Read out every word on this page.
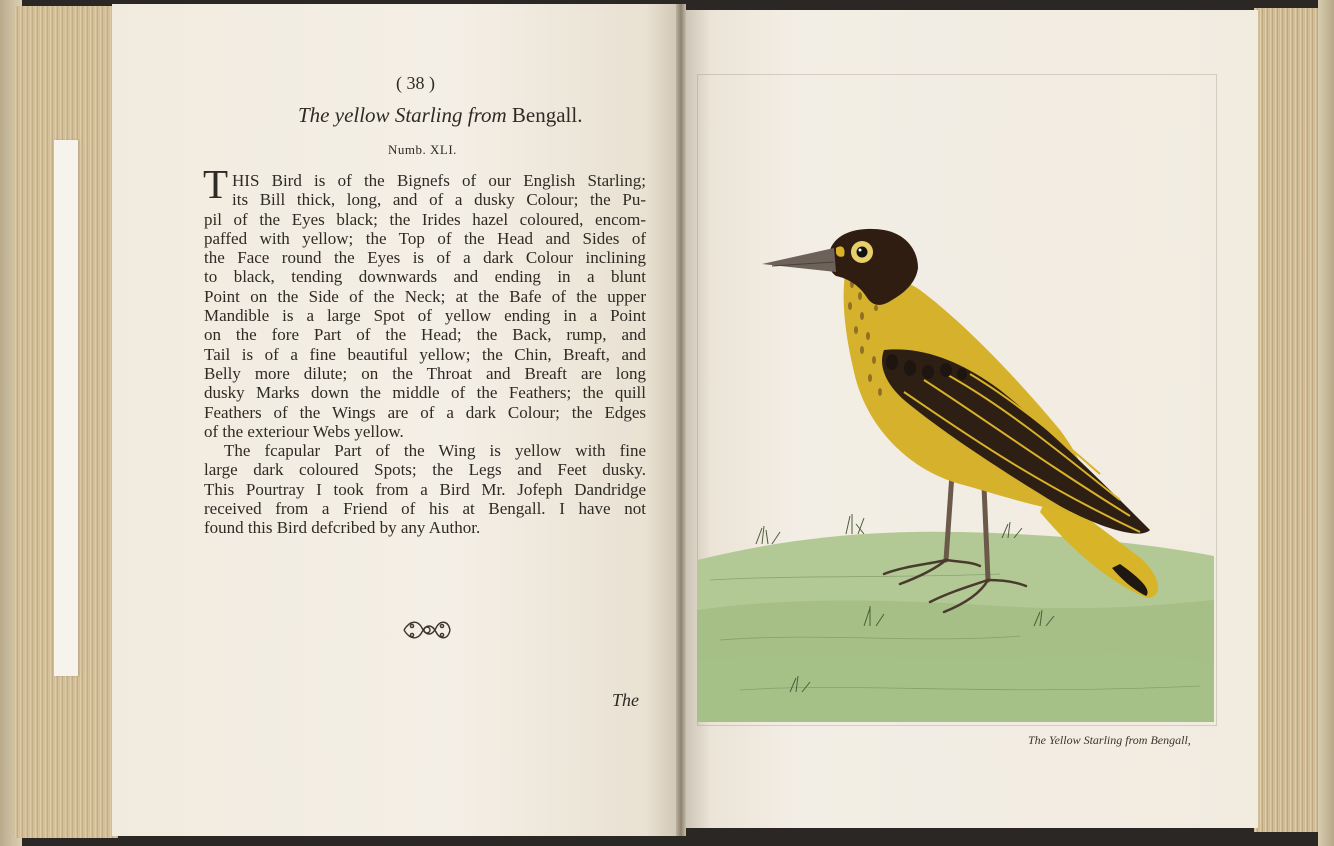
( 38 )
The yellow Starling from Bengall.
Numb. XLI.
T HIS Bird is of the Bignefs of our English Starling;
its Bill thick, long, and of a dusky Colour; the Pu-
pil of the Eyes black; the Irides hazel coloured, encom-
paffed with yellow; the Top of the Head and Sides of
the Face round the Eyes is of a dark Colour inclining
to black, tending downwards and ending in a blunt
Point on the Side of the Neck; at the Bafe of the upper
Mandible is a large Spot of yellow ending in a Point
on the fore Part of the Head; the Back, rump, and
Tail is of a fine beautiful yellow; the Chin, Breaft, and
Belly more dilute; on the Throat and Breaft are long
dusky Marks down the middle of the Feathers; the quill
Feathers of the Wings are of a dark Colour; the Edges
of the exteriour Webs yellow.
The fcapular Part of the Wing is yellow with fine
large dark coloured Spots; the Legs and Feet dusky.
This Pourtray I took from a Bird Mr. Jofeph Dandridge
received from a Friend of his at Bengall. I have not
found this Bird defcribed by any Author.
The
The Yellow Starling from Bengall,
